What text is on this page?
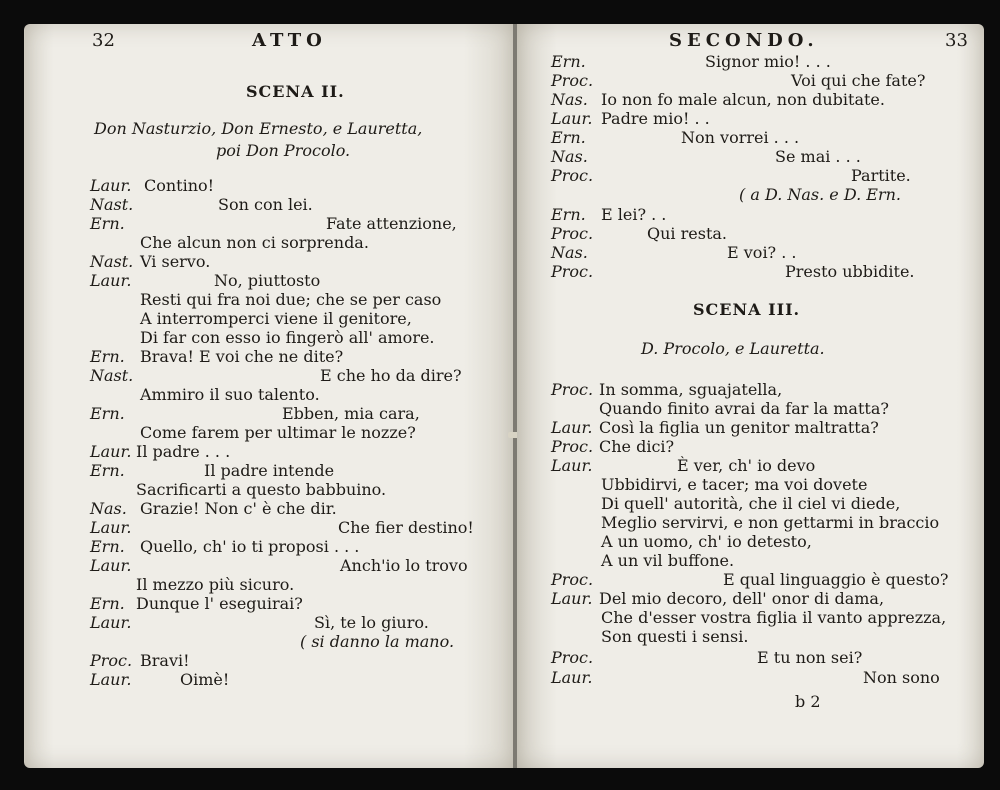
32	ATTO
SCENA II.
Don Nasturzio, Don Ernesto, e Lauretta,
poi Don Procolo.
Laur. Contino!
Nast.	Son con lei.
Ern.	Fate attenzione,
Che alcun non ci sorprenda.
Nast. Vi servo.
Laur.	No, piuttosto
Resti qui fra noi due; che se per caso
A interromperci viene il genitore,
Di far con esso io fingerò all' amore.
Ern. Brava! E voi che ne dite?
Nast.	E che ho da dire?
Ammiro il suo talento.
Ern.	Ebben, mia cara,
Come farem per ultimar le nozze?
Laur. Il padre . . .
Ern.	Il padre intende
Sacrificarti a questo babbuino.
Nas. Grazie! Non c' è che dir.
Laur.	Che fier destino!
Ern. Quello, ch' io ti proposi . . .
Laur.	Anch'io lo trovo
Il mezzo più sicuro.
Ern. Dunque l' eseguirai?
Laur.	Sì, te lo giuro.
( si danno la mano.
Proc. Bravi!
Laur.	Oimè!
SECONDO.	33
Ern.	Signor mio! . . .
Proc.	Voi qui che fate?
Nas. Io non fo male alcun, non dubitate.
Laur. Padre mio! . .
Ern.	Non vorrei . . .
Nas.	Se mai . . .
Proc.	Partite.
( a D. Nas. e D. Ern.
Ern. E lei? . .
Proc.	Qui resta.
Nas.	E voi? . .
Proc.	Presto ubbidite.
SCENA III.
D. Procolo, e Lauretta.
Proc. In somma, sguajatella,
Quando finito avrai da far la matta?
Laur. Così la figlia un genitor maltratta?
Proc. Che dici?
Laur.	È ver, ch' io devo
Ubbidirvi, e tacer; ma voi dovete
Di quell' autorità, che il ciel vi diede,
Meglio servirvi, e non gettarmi in braccio
A un uomo, ch' io detesto,
A un vil buffone.
Proc.	E qual linguaggio è questo?
Laur. Del mio decoro, dell' onor di dama,
Che d'esser vostra figlia il vanto apprezza,
Son questi i sensi.
Proc.	E tu non sei?
Laur.	Non sono
b 2
